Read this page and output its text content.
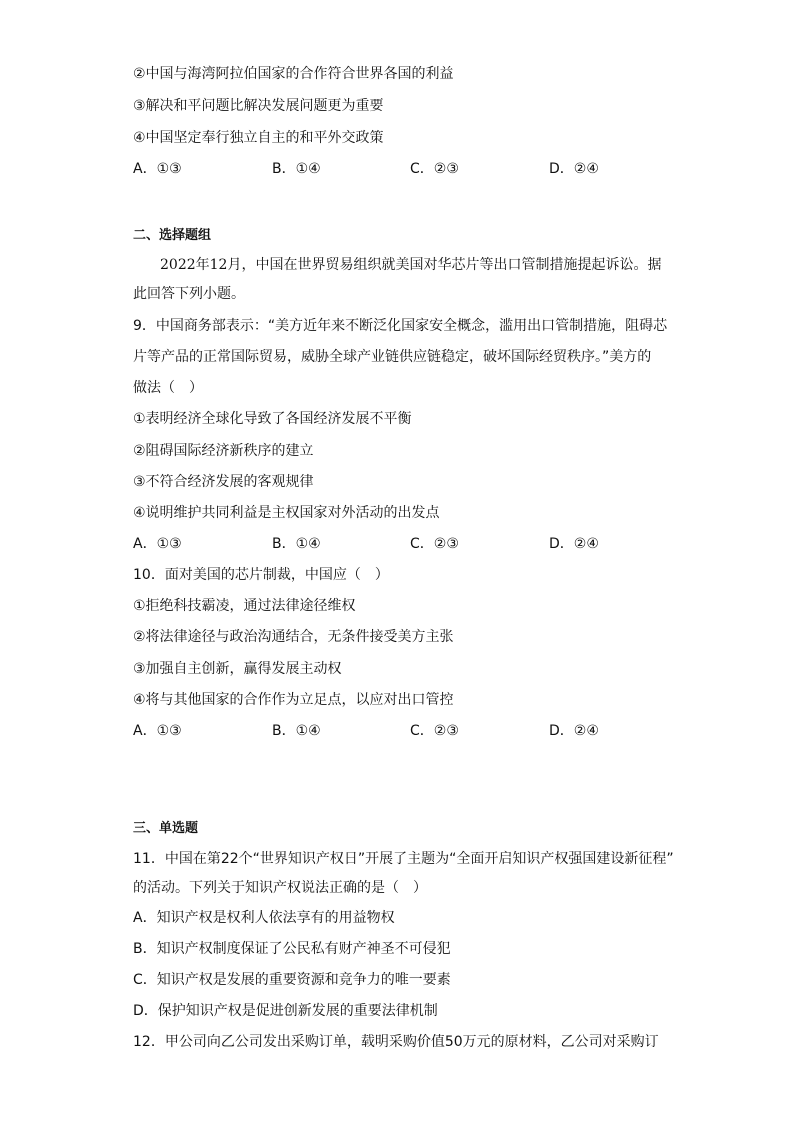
②中国与海湾阿拉伯国家的合作符合世界各国的利益
③解决和平问题比解决发展问题更为重要
④中国坚定奉行独立自主的和平外交政策
A．①③	B．①④	C．②③	D．②④
二、选择题组
2022年12月，中国在世界贸易组织就美国对华芯片等出口管制措施提起诉讼。据
此回答下列小题。
9．中国商务部表示：“美方近年来不断泛化国家安全概念，滥用出口管制措施，阻碍芯
片等产品的正常国际贸易，威胁全球产业链供应链稳定，破坏国际经贸秩序。”美方的
做法（　）
①表明经济全球化导致了各国经济发展不平衡
②阻碍国际经济新秩序的建立
③不符合经济发展的客观规律
④说明维护共同利益是主权国家对外活动的出发点
A．①③	B．①④	C．②③	D．②④
10．面对美国的芯片制裁，中国应（　）
①拒绝科技霸凌，通过法律途径维权
②将法律途径与政治沟通结合，无条件接受美方主张
③加强自主创新，赢得发展主动权
④将与其他国家的合作作为立足点，以应对出口管控
A．①③	B．①④	C．②③	D．②④
三、单选题
11．中国在第22个“世界知识产权日”开展了主题为“全面开启知识产权强国建设新征程”
的活动。下列关于知识产权说法正确的是（　）
A．知识产权是权利人依法享有的用益物权
B．知识产权制度保证了公民私有财产神圣不可侵犯
C．知识产权是发展的重要资源和竞争力的唯一要素
D．保护知识产权是促进创新发展的重要法律机制
12．甲公司向乙公司发出采购订单，载明采购价值50万元的原材料，乙公司对采购订
